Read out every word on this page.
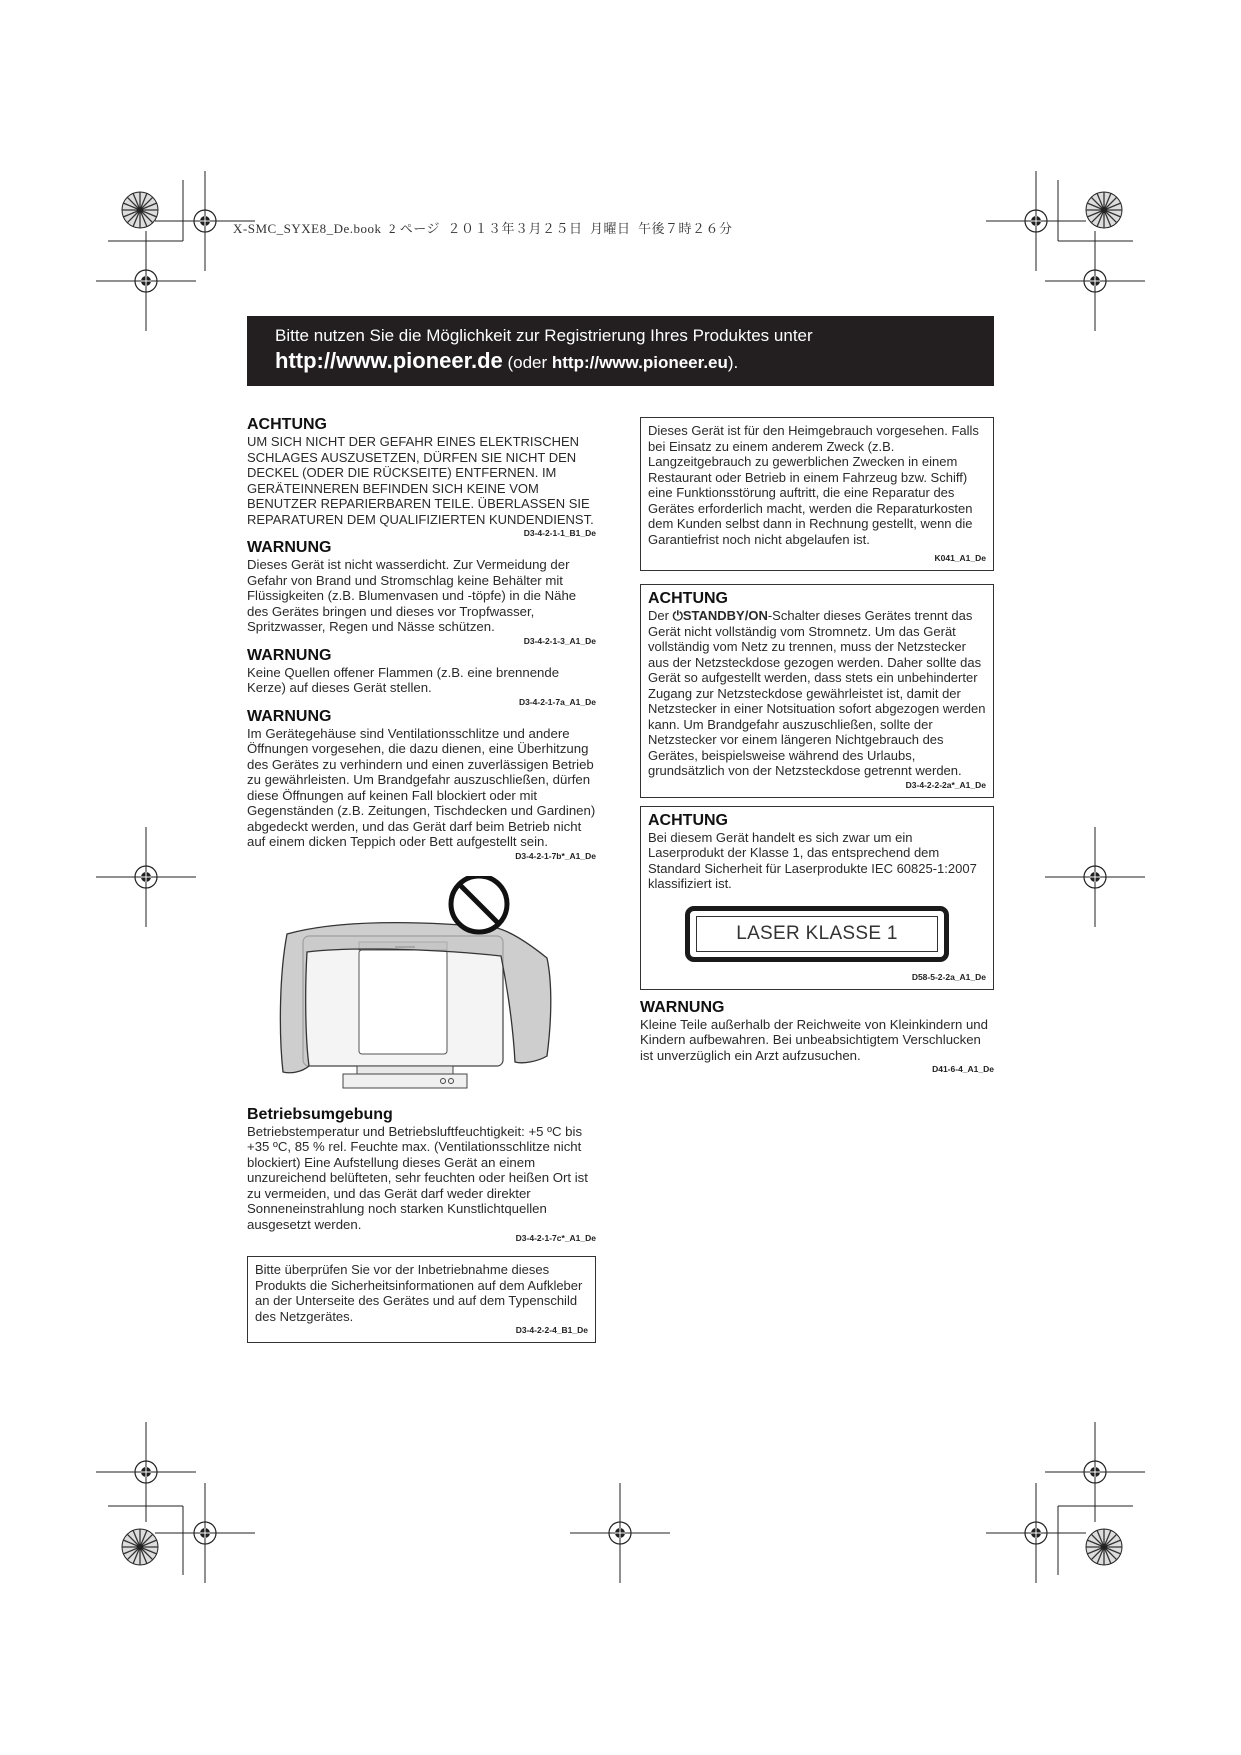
X-SMC_SYXE8_De.book  2 ページ  ２０１３年３月２５日  月曜日  午後７時２６分

Bitte nutzen Sie die Möglichkeit zur Registrierung Ihres Produktes unter
http://www.pioneer.de (oder http://www.pioneer.eu).
ACHTUNG

UM SICH NICHT DER GEFAHR EINES ELEKTRISCHEN SCHLAGES AUSZUSETZEN, DÜRFEN SIE NICHT DEN DECKEL (ODER DIE RÜCKSEITE) ENTFERNEN. IM GERÄTEINNEREN BEFINDEN SICH KEINE VOM BENUTZER REPARIERBAREN TEILE. ÜBERLASSEN SIE REPARATUREN DEM QUALIFIZIERTEN KUNDENDIENST.

D3-4-2-1-1_B1_De

WARNUNG

Dieses Gerät ist nicht wasserdicht. Zur Vermeidung der Gefahr von Brand und Stromschlag keine Behälter mit Flüssigkeiten (z.B. Blumenvasen und -töpfe) in die Nähe des Gerätes bringen und dieses vor Tropfwasser, Spritzwasser, Regen und Nässe schützen.

D3-4-2-1-3_A1_De

WARNUNG

Keine Quellen offener Flammen (z.B. eine brennende Kerze) auf dieses Gerät stellen.

D3-4-2-1-7a_A1_De

WARNUNG

Im Gerätegehäuse sind Ventilationsschlitze und andere Öffnungen vorgesehen, die dazu dienen, eine Überhitzung des Gerätes zu verhindern und einen zuverlässigen Betrieb zu gewährleisten. Um Brandgefahr auszuschließen, dürfen diese Öffnungen auf keinen Fall blockiert oder mit Gegenständen (z.B. Zeitungen, Tischdecken und Gardinen) abgedeckt werden, und das Gerät darf beim Betrieb nicht auf einem dicken Teppich oder Bett aufgestellt sein.

D3-4-2-1-7b*_A1_De

Betriebsumgebung

Betriebstemperatur und Betriebsluftfeuchtigkeit: +5 ºC bis +35 ºC, 85 % rel. Feuchte max. (Ventilationsschlitze nicht blockiert) Eine Aufstellung dieses Gerät an einem unzureichend belüfteten, sehr feuchten oder heißen Ort ist zu vermeiden, und das Gerät darf weder direkter Sonneneinstrahlung noch starken Kunstlichtquellen ausgesetzt werden.

D3-4-2-1-7c*_A1_De

Bitte überprüfen Sie vor der Inbetriebnahme dieses Produkts die Sicherheitsinformationen auf dem Aufkleber an der Unterseite des Gerätes und auf dem Typenschild des Netzgerätes.

D3-4-2-2-4_B1_De

Dieses Gerät ist für den Heimgebrauch vorgesehen. Falls bei Einsatz zu einem anderem Zweck (z.B. Langzeitgebrauch zu gewerblichen Zwecken in einem Restaurant oder Betrieb in einem Fahrzeug bzw. Schiff) eine Funktionsstörung auftritt, die eine Reparatur des Gerätes erforderlich macht, werden die Reparaturkosten dem Kunden selbst dann in Rechnung gestellt, wenn die Garantiefrist noch nicht abgelaufen ist.

K041_A1_De

ACHTUNG

Der ⏻STANDBY/ON-Schalter dieses Gerätes trennt das Gerät nicht vollständig vom Stromnetz. Um das Gerät vollständig vom Netz zu trennen, muss der Netzstecker aus der Netzsteckdose gezogen werden. Daher sollte das Gerät so aufgestellt werden, dass stets ein unbehinderter Zugang zur Netzsteckdose gewährleistet ist, damit der Netzstecker in einer Notsituation sofort abgezogen werden kann. Um Brandgefahr auszuschließen, sollte der Netzstecker vor einem längeren Nichtgebrauch des Gerätes, beispielsweise während des Urlaubs, grundsätzlich von der Netzsteckdose getrennt werden.

D3-4-2-2-2a*_A1_De

ACHTUNG

Bei diesem Gerät handelt es sich zwar um ein Laserprodukt der Klasse 1, das entsprechend dem Standard Sicherheit für Laserprodukte IEC 60825-1:2007 klassifiziert ist.

LASER KLASSE 1

D58-5-2-2a_A1_De

WARNUNG

Kleine Teile außerhalb der Reichweite von Kleinkindern und Kindern aufbewahren. Bei unbeabsichtigtem Verschlucken ist unverzüglich ein Arzt aufzusuchen.

D41-6-4_A1_De
